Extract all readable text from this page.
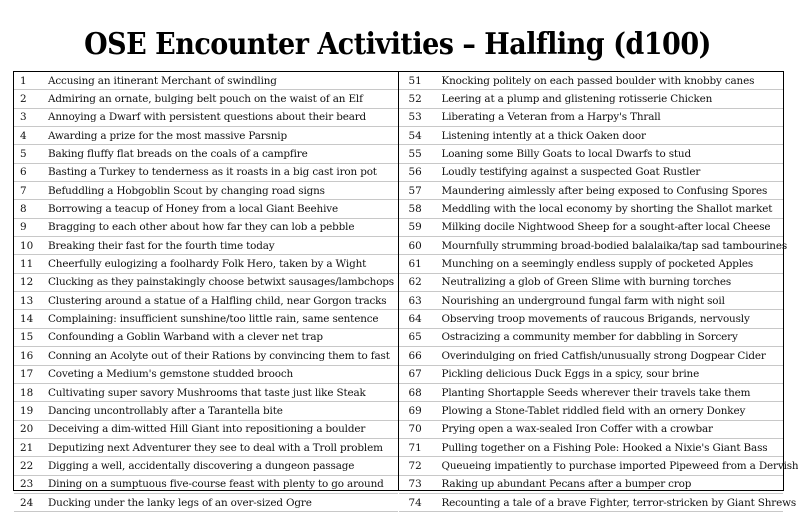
OSE Encounter Activities – Halfling (d100)
1	Accusing an itinerant Merchant of swindling
2	Admiring an ornate, bulging belt pouch on the waist of an Elf
3	Annoying a Dwarf with persistent questions about their beard
4	Awarding a prize for the most massive Parsnip
5	Baking fluffy flat breads on the coals of a campfire
6	Basting a Turkey to tenderness as it roasts in a big cast iron pot
7	Befuddling a Hobgoblin Scout by changing road signs
8	Borrowing a teacup of Honey from a local Giant Beehive
9	Bragging to each other about how far they can lob a pebble
10	Breaking their fast for the fourth time today
11	Cheerfully eulogizing a foolhardy Folk Hero, taken by a Wight
12	Clucking as they painstakingly choose betwixt sausages/lambchops
13	Clustering around a statue of a Halfling child, near Gorgon tracks
14	Complaining: insufficient sunshine/too little rain, same sentence
15	Confounding a Goblin Warband with a clever net trap
16	Conning an Acolyte out of their Rations by convincing them to fast
17	Coveting a Medium's gemstone studded brooch
18	Cultivating super savory Mushrooms that taste just like Steak
19	Dancing uncontrollably after a Tarantella bite
20	Deceiving a dim-witted Hill Giant into repositioning a boulder
21	Deputizing next Adventurer they see to deal with a Troll problem
22	Digging a well, accidentally discovering a dungeon passage
23	Dining on a sumptuous five-course feast with plenty to go around
24	Ducking under the lanky legs of an over-sized Ogre
51	Knocking politely on each passed boulder with knobby canes
52	Leering at a plump and glistening rotisserie Chicken
53	Liberating a Veteran from a Harpy's Thrall
54	Listening intently at a thick Oaken door
55	Loaning some Billy Goats to local Dwarfs to stud
56	Loudly testifying against a suspected Goat Rustler
57	Maundering aimlessly after being exposed to Confusing Spores
58	Meddling with the local economy by shorting the Shallot market
59	Milking docile Nightwood Sheep for a sought-after local Cheese
60	Mournfully strumming broad-bodied balalaika/tap sad tambourines
61	Munching on a seemingly endless supply of pocketed Apples
62	Neutralizing a glob of Green Slime with burning torches
63	Nourishing an underground fungal farm with night soil
64	Observing troop movements of raucous Brigands, nervously
65	Ostracizing a community member for dabbling in Sorcery
66	Overindulging on fried Catfish/unusually strong Dogpear Cider
67	Pickling delicious Duck Eggs in a spicy, sour brine
68	Planting Shortapple Seeds wherever their travels take them
69	Plowing a Stone-Tablet riddled field with an ornery Donkey
70	Prying open a wax-sealed Iron Coffer with a crowbar
71	Pulling together on a Fishing Pole: Hooked a Nixie's Giant Bass
72	Queueing impatiently to purchase imported Pipeweed from a Dervish
73	Raking up abundant Pecans after a bumper crop
74	Recounting a tale of a brave Fighter, terror-stricken by Giant Shrews
